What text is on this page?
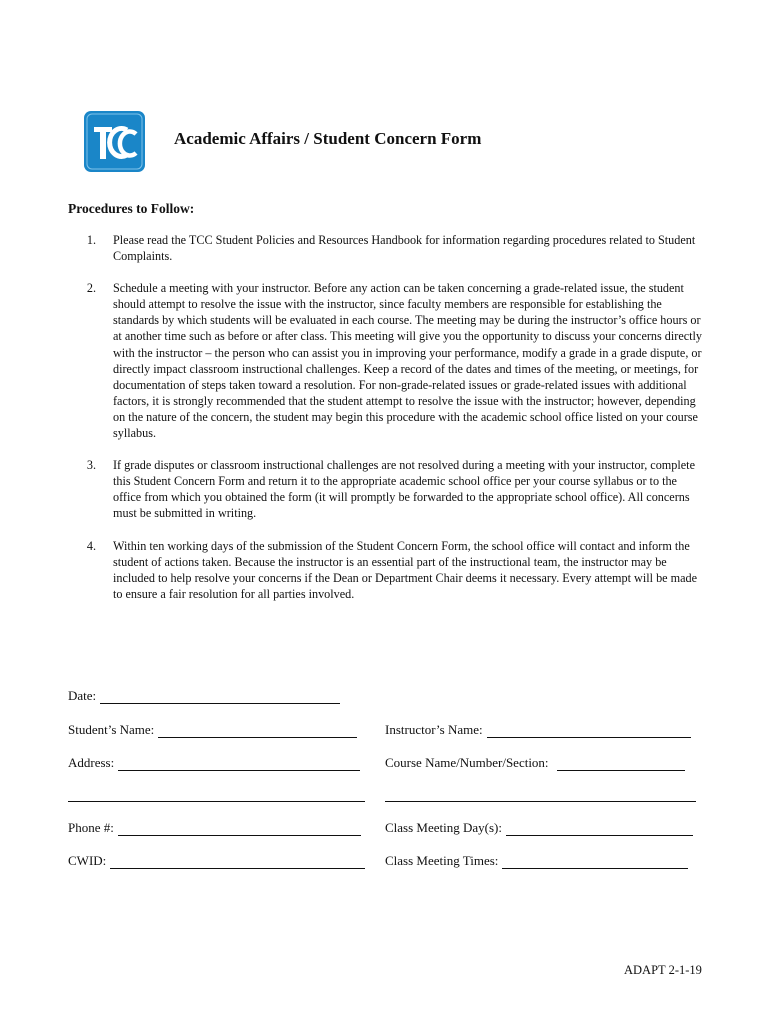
Academic Affairs / Student Concern Form
Procedures to Follow:
1.	Please read the TCC Student Policies and Resources Handbook for information regarding procedures related to Student Complaints.
2.	Schedule a meeting with your instructor. Before any action can be taken concerning a grade-related issue, the student should attempt to resolve the issue with the instructor, since faculty members are responsible for establishing the standards by which students will be evaluated in each course. The meeting may be during the instructor’s office hours or at another time such as before or after class. This meeting will give you the opportunity to discuss your concerns directly with the instructor – the person who can assist you in improving your performance, modify a grade in a grade dispute, or directly impact classroom instructional challenges. Keep a record of the dates and times of the meeting, or meetings, for documentation of steps taken toward a resolution. For non-grade-related issues or grade-related issues with additional factors, it is strongly recommended that the student attempt to resolve the issue with the instructor; however, depending on the nature of the concern, the student may begin this procedure with the academic school office listed on your course syllabus.
3.	If grade disputes or classroom instructional challenges are not resolved during a meeting with your instructor, complete this Student Concern Form and return it to the appropriate academic school office per your course syllabus or to the office from which you obtained the form (it will promptly be forwarded to the appropriate school office). All concerns must be submitted in writing.
4.	Within ten working days of the submission of the Student Concern Form, the school office will contact and inform the student of actions taken. Because the instructor is an essential part of the instructional team, the instructor may be included to help resolve your concerns if the Dean or Department Chair deems it necessary. Every attempt will be made to ensure a fair resolution for all parties involved.
Date:
Student’s Name:	Instructor’s Name:
Address:	Course Name/Number/Section:
Phone #:	Class Meeting Day(s):
CWID:	Class Meeting Times:
ADAPT 2-1-19
